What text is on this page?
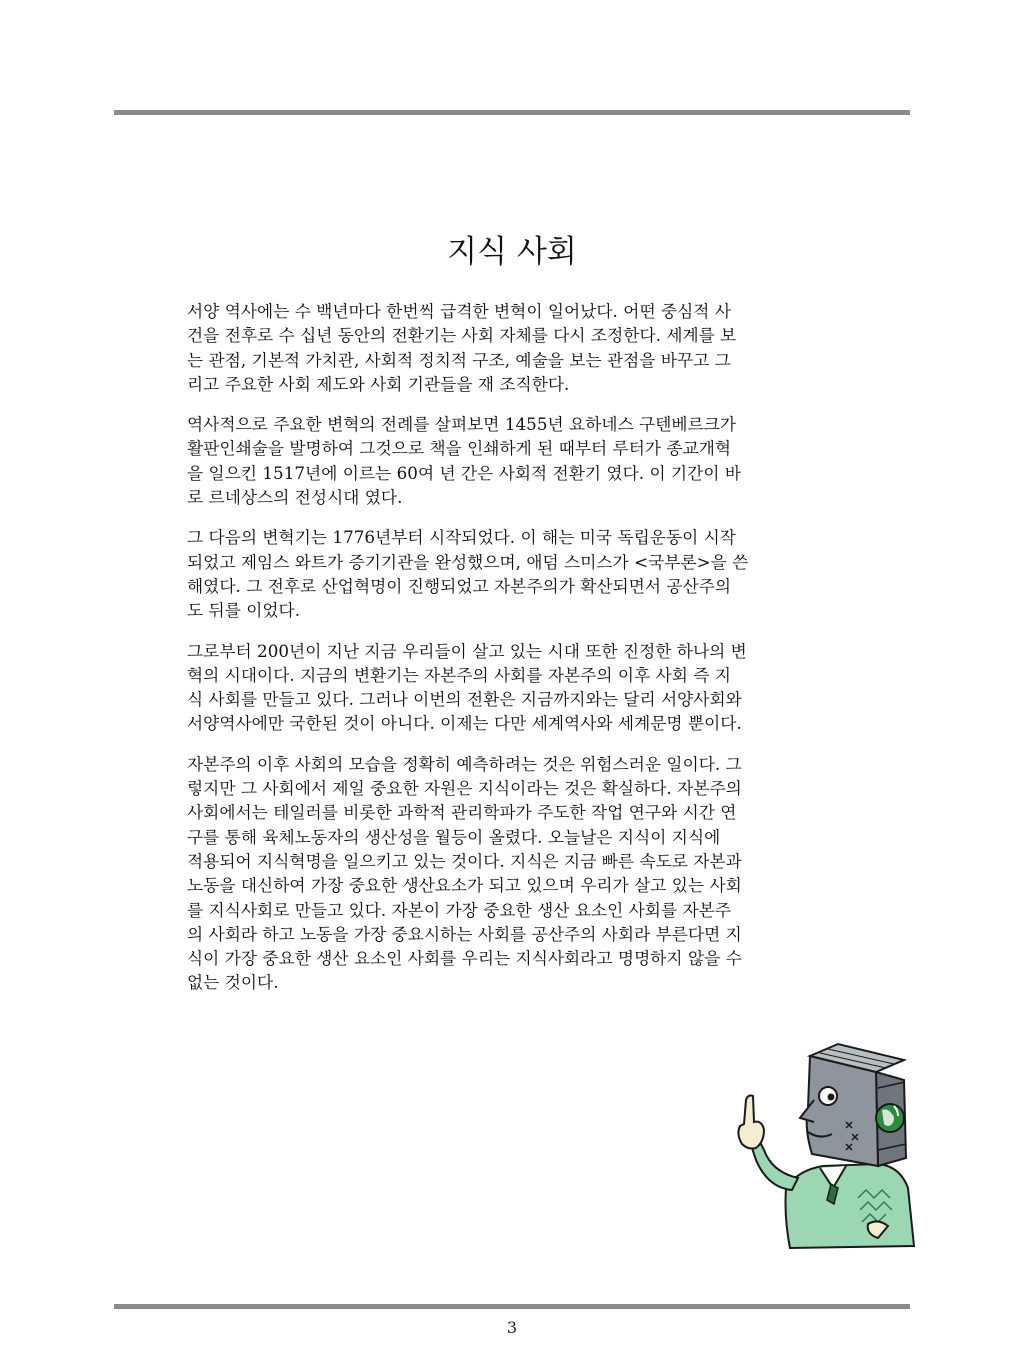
지식 사회

서양 역사에는 수 백년마다 한번씩 급격한 변혁이 일어났다. 어떤 중심적 사
건을 전후로 수 십년 동안의 전환기는 사회 자체를 다시 조정한다. 세계를 보
는 관점, 기본적 가치관, 사회적 정치적 구조, 예술을 보는 관점을 바꾸고 그
리고 주요한 사회 제도와 사회 기관들을 재 조직한다.

역사적으로 주요한 변혁의 전례를 살펴보면 1455년 요하네스 구텐베르크가
활판인쇄술을 발명하여 그것으로 책을 인쇄하게 된 때부터 루터가 종교개혁
을 일으킨 1517년에 이르는 60여 년 간은 사회적 전환기 였다. 이 기간이 바
로 르네상스의 전성시대 였다.

그 다음의 변혁기는 1776년부터 시작되었다. 이 해는 미국 독립운동이 시작
되었고 제임스 와트가 증기기관을 완성했으며, 애덤 스미스가 <국부론>을 쓴
해였다. 그 전후로 산업혁명이 진행되었고 자본주의가 확산되면서 공산주의
도 뒤를 이었다.

그로부터 200년이 지난 지금 우리들이 살고 있는 시대 또한 진정한 하나의 변
혁의 시대이다. 지금의 변환기는 자본주의 사회를 자본주의 이후 사회 즉 지
식 사회를 만들고 있다. 그러나 이번의 전환은 지금까지와는 달리 서양사회와
서양역사에만 국한된 것이 아니다. 이제는 다만 세계역사와 세계문명 뿐이다.

자본주의 이후 사회의 모습을 정확히 예측하려는 것은 위험스러운 일이다. 그
렇지만 그 사회에서 제일 중요한 자원은 지식이라는 것은 확실하다. 자본주의
사회에서는 테일러를 비롯한 과학적 관리학파가 주도한 작업 연구와 시간 연
구를 통해 육체노동자의 생산성을 월등이 올렸다. 오늘날은 지식이 지식에
적용되어 지식혁명을 일으키고 있는 것이다. 지식은 지금 빠른 속도로 자본과
노동을 대신하여 가장 중요한 생산요소가 되고 있으며 우리가 살고 있는 사회
를 지식사회로 만들고 있다. 자본이 가장 중요한 생산 요소인 사회를 자본주
의 사회라 하고 노동을 가장 중요시하는 사회를 공산주의 사회라 부른다면 지
식이 가장 중요한 생산 요소인 사회를 우리는 지식사회라고 명명하지 않을 수
없는 것이다.

3
